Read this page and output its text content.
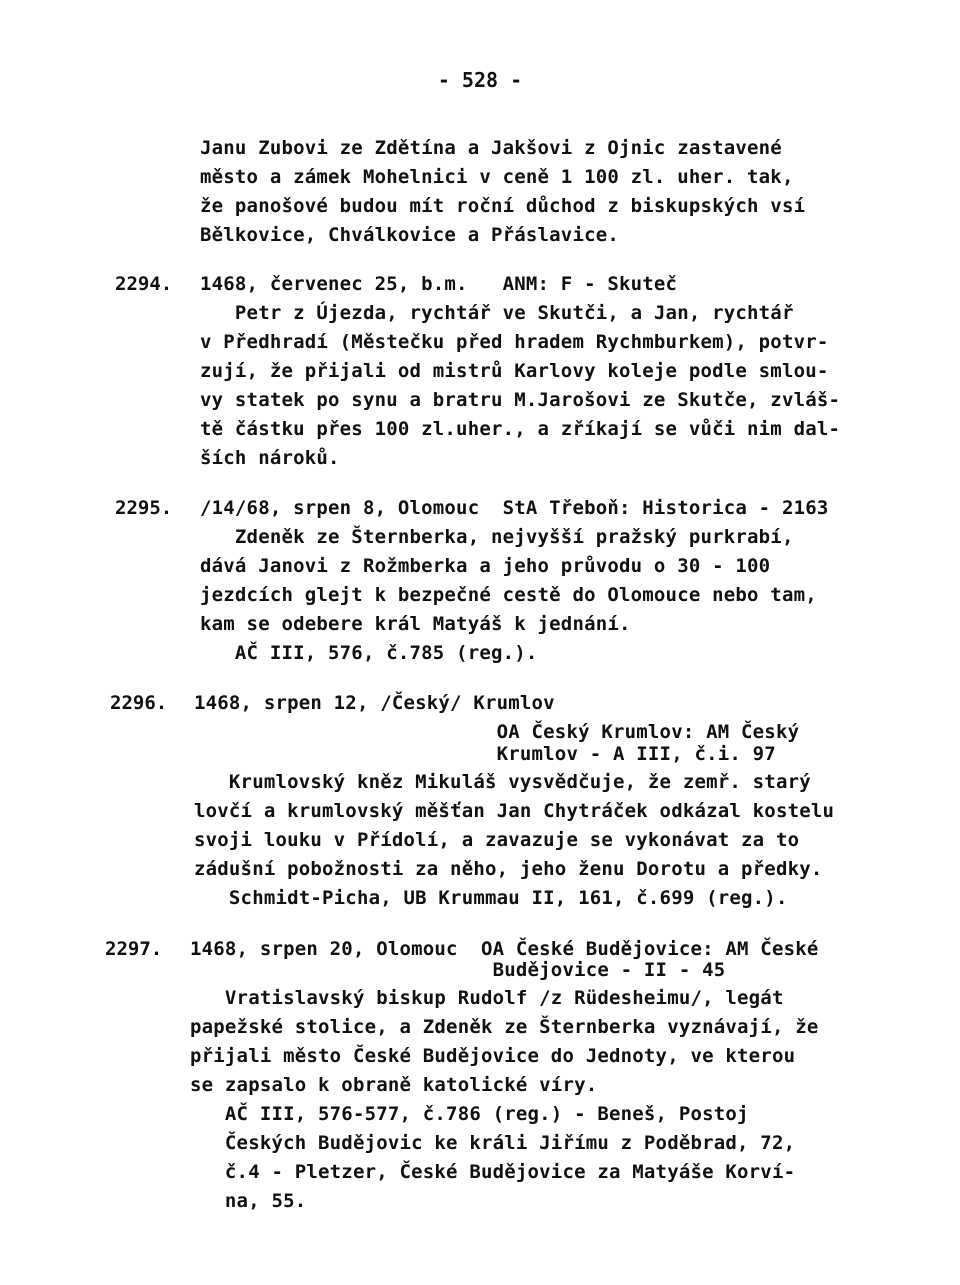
- 528 -
Janu Zubovi ze Zdětína a Jakšovi z Ojnic zastavené
město a zámek Mohelnici v ceně 1 100 zl. uher. tak,
že panošové budou mít roční důchod z biskupských vsí
Bělkovice, Chválkovice a Přáslavice.
2294. 1468, červenec 25, b.m.   ANM: F - Skuteč
Petr z Újezda, rychtář ve Skutči, a Jan, rychtář
v Předhradí (Městečku před hradem Rychmburkem), potvr-
zují, že přijali od mistrů Karlovy koleje podle smlou-
vy statek po synu a bratru M.Jarošovi ze Skutče, zvláš-
tě částku přes 100 zl.uher., a zříkají se vůči nim dal-
ších nároků.
2295. /14/68, srpen 8, Olomouc  StA Třeboň: Historica - 2163
Zdeněk ze Šternberka, nejvyšší pražský purkrabí,
dává Janovi z Rožmberka a jeho průvodu o 30 - 100
jezdcích glejt k bezpečné cestě do Olomouce nebo tam,
kam se odebere král Matyáš k jednání.
AČ III, 576, č.785 (reg.).
2296. 1468, srpen 12, /Český/ Krumlov
OA Český Krumlov: AM Český
Krumlov - A III, č.i. 97
Krumlovský kněz Mikuláš vysvědčuje, že zemř. starý
lovčí a krumlovský měšťan Jan Chytráček odkázal kostelu
svoji louku v Přídolí, a zavazuje se vykonávat za to
zádušní pobožnosti za něho, jeho ženu Dorotu a předky.
Schmidt-Picha, UB Krummau II, 161, č.699 (reg.).
2297. 1468, srpen 20, Olomouc  OA České Budějovice: AM České
Budějovice - II - 45
Vratislavský biskup Rudolf /z Rüdesheimu/, legát
papežské stolice, a Zdeněk ze Šternberka vyznávají, že
přijali město České Budějovice do Jednoty, ve kterou
se zapsalo k obraně katolické víry.
AČ III, 576-577, č.786 (reg.) - Beneš, Postoj
Českých Budějovic ke králi Jiřímu z Poděbrad, 72,
č.4 - Pletzer, České Budějovice za Matyáše Korví-
na, 55.
